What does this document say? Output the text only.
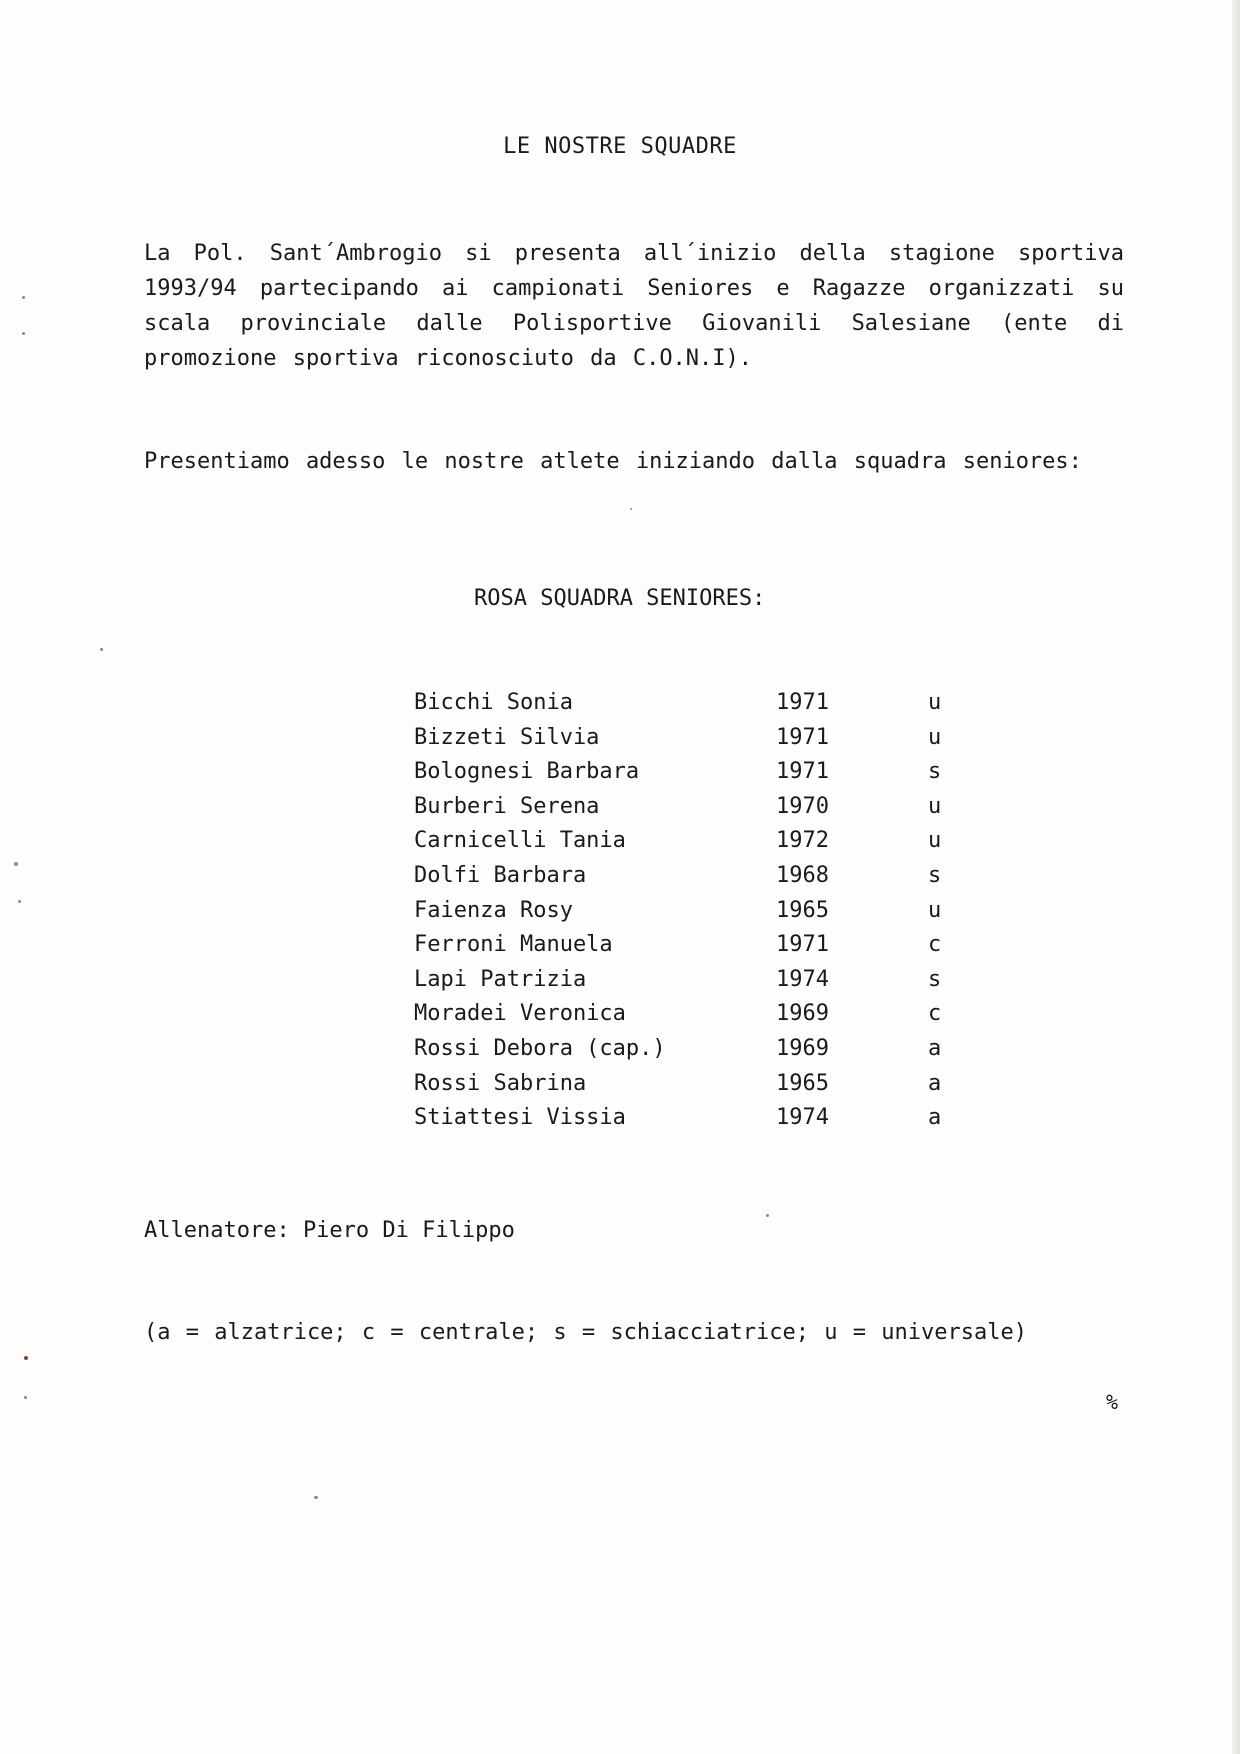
LE NOSTRE SQUADRE
La Pol. Sant´Ambrogio si presenta all´inizio della stagione sportiva 1993/94 partecipando ai campionati Seniores e Ragazze organizzati su scala provinciale dalle Polisportive Giovanili Salesiane (ente di promozione sportiva riconosciuto da C.O.N.I).
Presentiamo adesso le nostre atlete iniziando dalla squadra seniores:
ROSA SQUADRA SENIORES:
Bicchi Sonia	1971	u
Bizzeti Silvia	1971	u
Bolognesi Barbara	1971	s
Burberi Serena	1970	u
Carnicelli Tania	1972	u
Dolfi Barbara	1968	s
Faienza Rosy	1965	u
Ferroni Manuela	1971	c
Lapi Patrizia	1974	s
Moradei Veronica	1969	c
Rossi Debora (cap.)	1969	a
Rossi Sabrina	1965	a
Stiattesi Vissia	1974	a
Allenatore: Piero Di Filippo
(a = alzatrice; c = centrale; s = schiacciatrice; u = universale)
%
